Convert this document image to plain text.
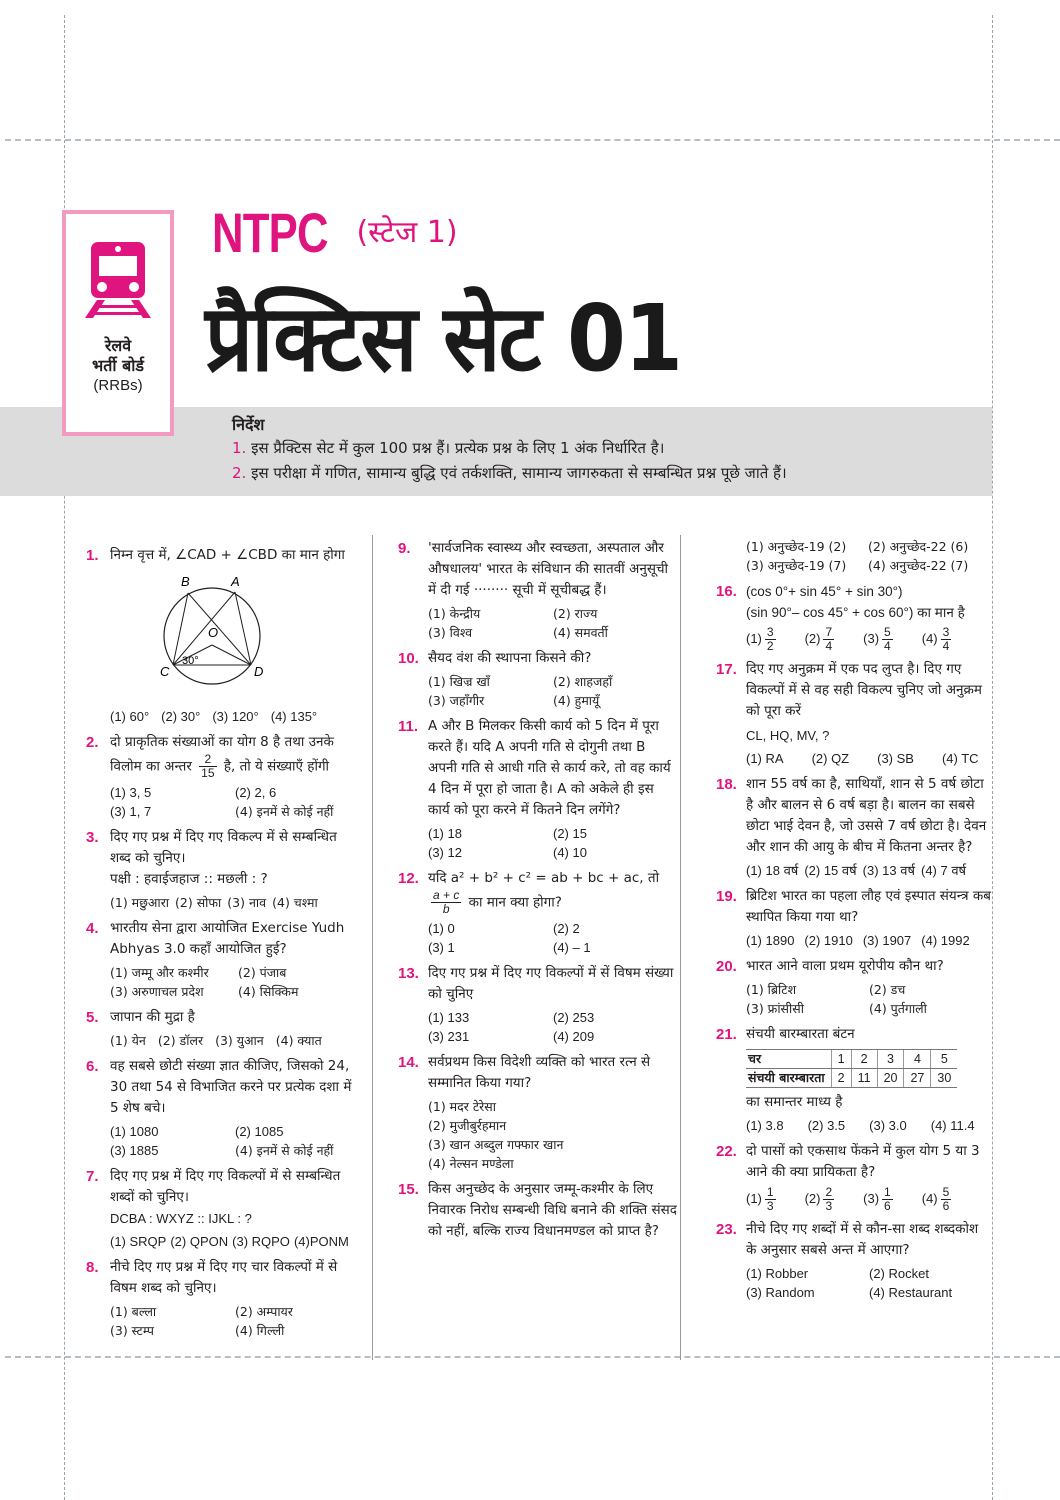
रेलवे
भर्ती बोर्ड
(RRBs)
NTPC (स्टेज 1)
प्रैक्टिस सेट 01
निर्देश
1. इस प्रैक्टिस सेट में कुल 100 प्रश्न हैं। प्रत्येक प्रश्न के लिए 1 अंक निर्धारित है।
2. इस परीक्षा में गणित, सामान्य बुद्धि एवं तर्कशक्ति, सामान्य जागरुकता से सम्बन्धित प्रश्न पूछे जाते हैं।
1. निम्न वृत्त में, ∠CAD + ∠CBD का मान होगा
B	A
O
C	D
30°
(1) 60° (2) 30° (3) 120° (4) 135°
2. दो प्राकृतिक संख्याओं का योग 8 है तथा उनके
विलोम का अन्तर $\frac{2}{15}$ है, तो ये संख्याएँ होंगी
(1) 3, 5	(2) 2, 6
(3) 1, 7	(4) इनमें से कोई नहीं
3. दिए गए प्रश्न में दिए गए विकल्प में से सम्बन्धित शब्द को चुनिए।
पक्षी : हवाईजहाज :: मछली : ?
(1) मछुआरा (2) सोफा (3) नाव (4) चश्मा
4. भारतीय सेना द्वारा आयोजित Exercise Yudh Abhyas 3.0 कहाँ आयोजित हुई?
(1) जम्मू और कश्मीर	(2) पंजाब
(3) अरुणाचल प्रदेश	(4) सिक्किम
5. जापान की मुद्रा है
(1) येन (2) डॉलर (3) युआन (4) क्यात
6. वह सबसे छोटी संख्या ज्ञात कीजिए, जिसको 24, 30 तथा 54 से विभाजित करने पर प्रत्येक दशा में 5 शेष बचे।
(1) 1080	(2) 1085
(3) 1885	(4) इनमें से कोई नहीं
7. दिए गए प्रश्न में दिए गए विकल्पों में से सम्बन्धित शब्दों को चुनिए।
DCBA : WXYZ :: IJKL : ?
(1) SRQP (2) QPON (3) RQPO (4)PONM
8. नीचे दिए गए प्रश्न में दिए गए चार विकल्पों में से विषम शब्द को चुनिए।
(1) बल्ला	(2) अम्पायर
(3) स्टम्प	(4) गिल्ली
9. 'सार्वजनिक स्वास्थ्य और स्वच्छता, अस्पताल और औषधालय' भारत के संविधान की सातवीं अनुसूची में दी गई ········ सूची में सूचीबद्ध हैं।
(1) केन्द्रीय	(2) राज्य
(3) विश्व	(4) समवर्ती
10. सैयद वंश की स्थापना किसने की?
(1) खिज्र खाँ	(2) शाहजहाँ
(3) जहाँगीर	(4) हुमायूँ
11. A और B मिलकर किसी कार्य को 5 दिन में पूरा करते हैं। यदि A अपनी गति से दोगुनी तथा B अपनी गति से आधी गति से कार्य करे, तो वह कार्य 4 दिन में पूरा हो जाता है। A को अकेले ही इस कार्य को पूरा करने में कितने दिन लगेंगे?
(1) 18	(2) 15
(3) 12	(4) 10
12. यदि a² + b² + c² = ab + bc + ac, तो
$\frac{a + c}{b}$ का मान क्या होगा?
(1) 0	(2) 2
(3) 1	(4) – 1
13. दिए गए प्रश्न में दिए गए विकल्पों में सें विषम संख्या को चुनिए
(1) 133	(2) 253
(3) 231	(4) 209
14. सर्वप्रथम किस विदेशी व्यक्ति को भारत रत्न से सम्मानित किया गया?
(1) मदर टेरेसा
(2) मुजीबुर्रहमान
(3) खान अब्दुल गफ्फार खान
(4) नेल्सन मण्डेला
15. किस अनुच्छेद के अनुसार जम्मू-कश्मीर के लिए निवारक निरोध सम्बन्धी विधि बनाने की शक्ति संसद को नहीं, बल्कि राज्य विधानमण्डल को प्राप्त है?
(1) अनुच्छेद-19 (2)	(2) अनुच्छेद-22 (6)
(3) अनुच्छेद-19 (7)	(4) अनुच्छेद-22 (7)
16. (cos 0°+ sin 45° + sin 30°)
(sin 90°– cos 45° + cos 60°) का मान है
$(1) \frac{3}{2} (2) \frac{7}{4} (3) \frac{5}{4} (4) \frac{3}{4}$
17. दिए गए अनुक्रम में एक पद लुप्त है। दिए गए विकल्पों में से वह सही विकल्प चुनिए जो अनुक्रम को पूरा करें
CL, HQ, MV, ?
(1) RA (2) QZ (3) SB (4) TC
18. शान 55 वर्ष का है, साथियाँ, शान से 5 वर्ष छोटा है और बालन से 6 वर्ष बड़ा है। बालन का सबसे छोटा भाई देवन है, जो उससे 7 वर्ष छोटा है। देवन और शान की आयु के बीच में कितना अन्तर है?
(1) 18 वर्ष (2) 15 वर्ष (3) 13 वर्ष (4) 7 वर्ष
19. ब्रिटिश भारत का पहला लौह एवं इस्पात संयन्त्र कब स्थापित किया गया था?
(1) 1890 (2) 1910 (3) 1907 (4) 1992
20. भारत आने वाला प्रथम यूरोपीय कौन था?
(1) ब्रिटिश	(2) डच
(3) फ्रांसीसी	(4) पुर्तगाली
21. संचयी बारम्बारता बंटन
चर	1	2	3	4	5
संचयी बारम्बारता	2	11	20	27	30
का समान्तर माध्य है
(1) 3.8 (2) 3.5 (3) 3.0 (4) 11.4
22. दो पासों को एकसाथ फेंकने में कुल योग 5 या 3 आने की क्या प्रायिकता है?
$(1) \frac{1}{3} (2) \frac{2}{3} (3) \frac{1}{6} (4) \frac{5}{6}$
23. नीचे दिए गए शब्दों में से कौन-सा शब्द शब्दकोश के अनुसार सबसे अन्त में आएगा?
(1) Robber	(2) Rocket
(3) Random	(4) Restaurant
